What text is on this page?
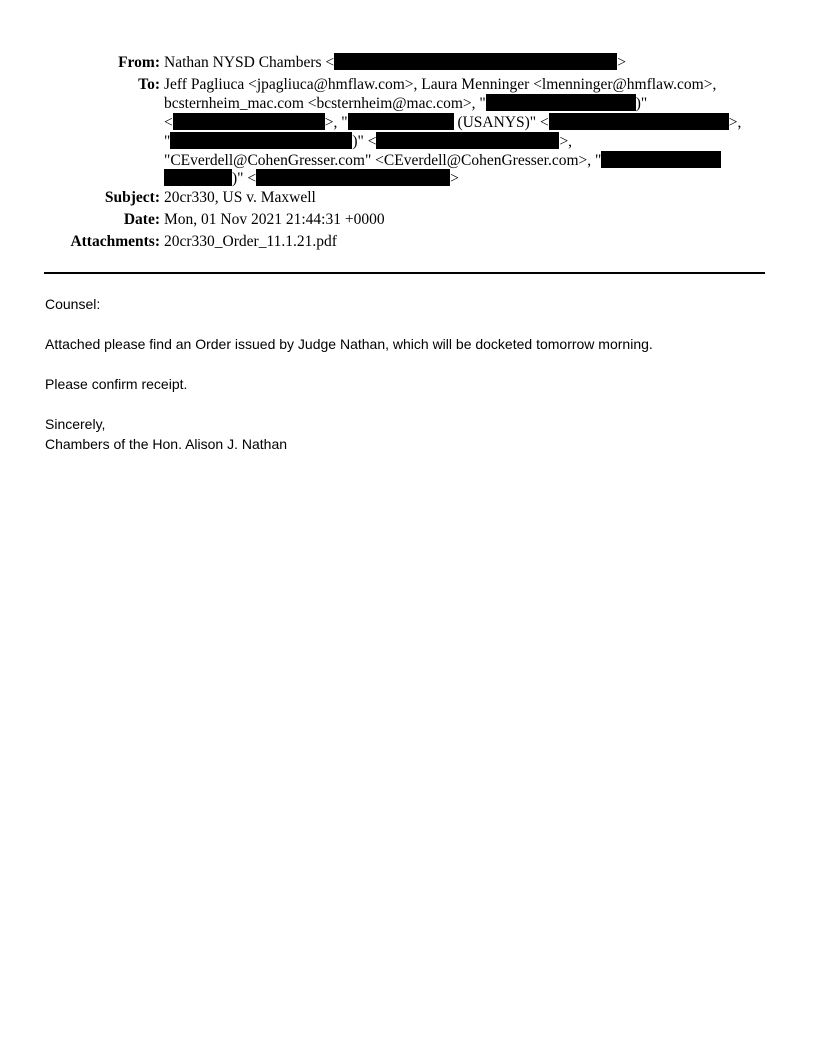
From: Nathan NYSD Chambers <	>
To: Jeff Pagliuca <jpagliuca@hmflaw.com>, Laura Menninger <lmenninger@hmflaw.com>,
bcsternheim_mac.com <bcsternheim@mac.com>, "	)"
<	>, "	(USANYS)" <	>,
"	)" <	>,
"CEverdell@CohenGresser.com" <CEverdell@CohenGresser.com>, "
)" <	>
Subject: 20cr330, US v. Maxwell
Date: Mon, 01 Nov 2021 21:44:31 +0000
Attachments: 20cr330_Order_11.1.21.pdf
Counsel:
Attached please find an Order issued by Judge Nathan, which will be docketed tomorrow morning.
Please confirm receipt.
Sincerely,
Chambers of the Hon. Alison J. Nathan
